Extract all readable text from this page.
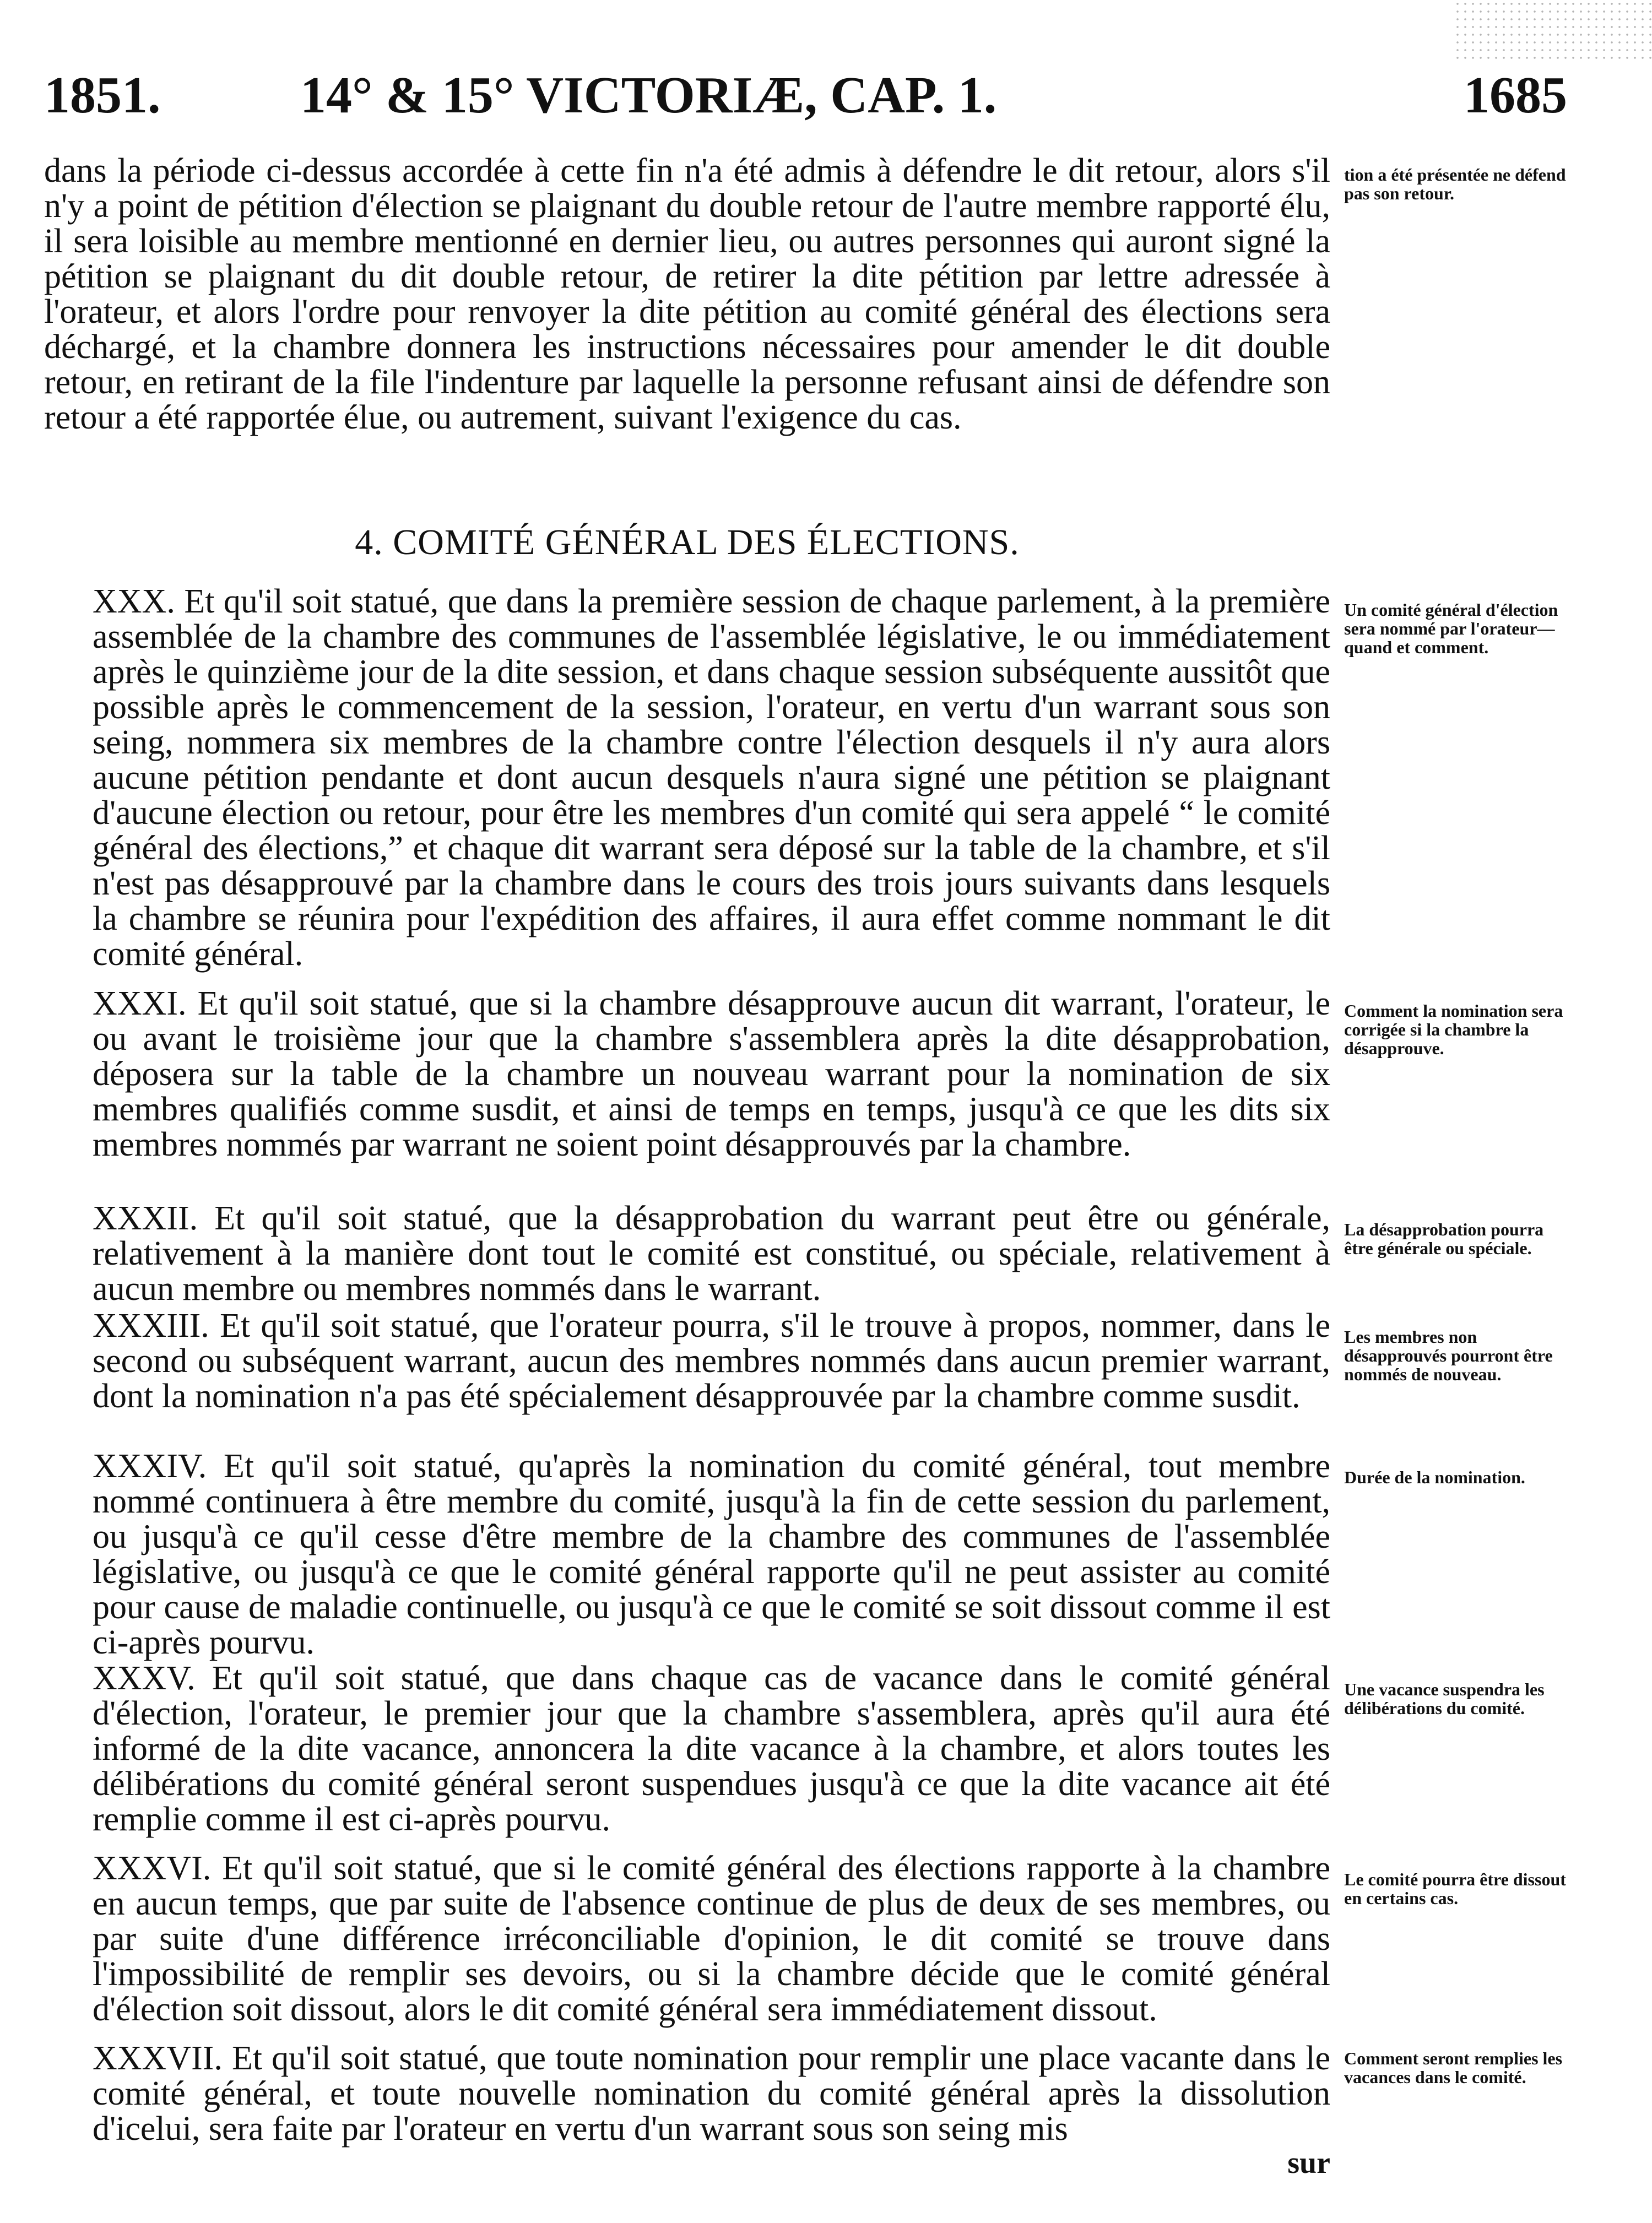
1851.	14° & 15° VICTORIÆ, CAP. 1.	1685

dans la période ci-dessus accordée à cette fin n'a été admis à défendre le dit retour, alors s'il n'y a point de pétition d'élection se plaignant du double retour de l'autre membre rapporté élu, il sera loisible au membre mentionné en dernier lieu, ou autres personnes qui auront signé la pétition se plaignant du dit double retour, de retirer la dite pétition par lettre adressée à l'orateur, et alors l'ordre pour renvoyer la dite pétition au comité général des élections sera déchargé, et la chambre donnera les instructions nécessaires pour amender le dit double retour, en retirant de la file l'indenture par laquelle la personne refusant ainsi de défendre son retour a été rapportée élue, ou autrement, suivant l'exigence du cas.

tion a été présentée ne défend pas son retour.

4. COMITÉ GÉNÉRAL DES ÉLECTIONS.

XXX. Et qu'il soit statué, que dans la première session de chaque parlement, à la première assemblée de la chambre des communes de l'assemblée législative, le ou immédiatement après le quinzième jour de la dite session, et dans chaque session subséquente aussitôt que possible après le commencement de la session, l'orateur, en vertu d'un warrant sous son seing, nommera six membres de la chambre contre l'élection desquels il n'y aura alors aucune pétition pendante et dont aucun desquels n'aura signé une pétition se plaignant d'aucune élection ou retour, pour être les membres d'un comité qui sera appelé “ le comité général des élections,” et chaque dit warrant sera déposé sur la table de la chambre, et s'il n'est pas désapprouvé par la chambre dans le cours des trois jours suivants dans lesquels la chambre se réunira pour l'expédition des affaires, il aura effet comme nommant le dit comité général.

Un comité général d'élection sera nommé par l'orateur— quand et comment.

XXXI. Et qu'il soit statué, que si la chambre désapprouve aucun dit warrant, l'orateur, le ou avant le troisième jour que la chambre s'assemblera après la dite désapprobation, déposera sur la table de la chambre un nouveau warrant pour la nomination de six membres qualifiés comme susdit, et ainsi de temps en temps, jusqu'à ce que les dits six membres nommés par warrant ne soient point désapprouvés par la chambre.

Comment la nomination sera corrigée si la chambre la désapprouve.

XXXII. Et qu'il soit statué, que la désapprobation du warrant peut être ou générale, relativement à la manière dont tout le comité est constitué, ou spéciale, relativement à aucun membre ou membres nommés dans le warrant.

La désapprobation pourra être générale ou spéciale.

XXXIII. Et qu'il soit statué, que l'orateur pourra, s'il le trouve à propos, nommer, dans le second ou subséquent warrant, aucun des membres nommés dans aucun premier warrant, dont la nomination n'a pas été spécialement désapprouvée par la chambre comme susdit.

Les membres non désapprouvés pourront être nommés de nouveau.

XXXIV. Et qu'il soit statué, qu'après la nomination du comité général, tout membre nommé continuera à être membre du comité, jusqu'à la fin de cette session du parlement, ou jusqu'à ce qu'il cesse d'être membre de la chambre des communes de l'assemblée législative, ou jusqu'à ce que le comité général rapporte qu'il ne peut assister au comité pour cause de maladie continuelle, ou jusqu'à ce que le comité se soit dissout comme il est ci-après pourvu.

Durée de la nomination.

XXXV. Et qu'il soit statué, que dans chaque cas de vacance dans le comité général d'élection, l'orateur, le premier jour que la chambre s'assemblera, après qu'il aura été informé de la dite vacance, annoncera la dite vacance à la chambre, et alors toutes les délibérations du comité général seront suspendues jusqu'à ce que la dite vacance ait été remplie comme il est ci-après pourvu.

Une vacance suspendra les délibérations du comité.

XXXVI. Et qu'il soit statué, que si le comité général des élections rapporte à la chambre en aucun temps, que par suite de l'absence continue de plus de deux de ses membres, ou par suite d'une différence irréconciliable d'opinion, le dit comité se trouve dans l'impossibilité de remplir ses devoirs, ou si la chambre décide que le comité général d'élection soit dissout, alors le dit comité général sera immédiatement dissout.

Le comité pourra être dissout en certains cas.

XXXVII. Et qu'il soit statué, que toute nomination pour remplir une place vacante dans le comité général, et toute nouvelle nomination du comité général après la dissolution d'icelui, sera faite par l'orateur en vertu d'un warrant sous son seing mis

Comment seront remplies les vacances dans le comité.

sur
